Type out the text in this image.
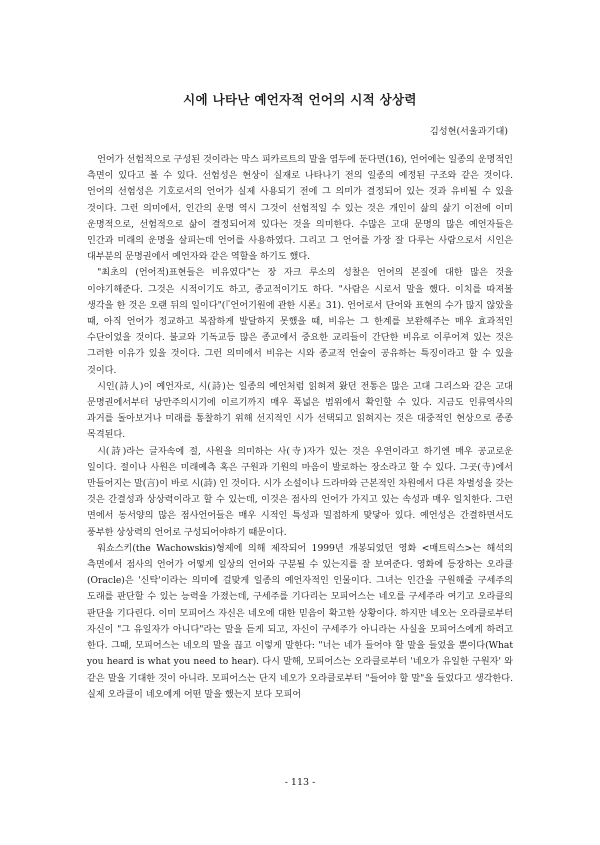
시에 나타난 예언자적 언어의 시적 상상력

김성현(서울과기대)

언어가 선험적으로 구성된 것이라는 막스 피카르트의 말을 염두에 둔다면(16), 언어에는 일종의 운명적인 측면이 있다고 볼 수 있다. 선험성은 현상이 실재로 나타나기 전의 일종의 예정된 구조와 같은 것이다. 언어의 선험성은 기호로서의 언어가 실제 사용되기 전에 그 의미가 결정되어 있는 것과 유비될 수 있을 것이다. 그런 의미에서, 인간의 운명 역시 그것이 선험적일 수 있는 것은 개인이 삶의 삶기 이전에 이미 운명적으로, 선험적으로 삶이 결정되어져 있다는 것을 의미한다. 수많은 고대 문명의 많은 예언자들은 인간과 미래의 운명을 살피는데 언어를 사용하였다. 그리고 그 언어를 가장 잘 다루는 사람으로서 시인은 대부분의 문명권에서 예언자와 같은 역할을 하기도 했다.

"최초의 (언어적)표현들은 비유였다"는 장 자크 루소의 성찰은 언어의 본질에 대한 많은 것을 이야기해준다. 그것은 시적이기도 하고, 종교적이기도 하다. "사람은 시로서 말을 했다. 이치를 따져볼 생각을 한 것은 오랜 뒤의 일이다"(『언어기원에 관한 시론』31). 언어로서 단어와 표현의 수가 많지 않았을 때, 아직 언어가 정교하고 복잡하게 발달하지 못했을 때, 비유는 그 한계를 보완해주는 매우 효과적인 수단이었을 것이다. 불교와 기독교등 많은 종교에서 중요한 교리들이 간단한 비유로 이루어져 있는 것은 그러한 이유가 있을 것이다. 그런 의미에서 비유는 시와 종교적 언술이 공유하는 특징이라고 할 수 있을 것이다.

시인(詩人)이 예언자로, 시(詩)는 일종의 예언처럼 읽혀져 왔던 전통은 많은 고대 그리스와 같은 고대 문명권에서부터 낭만주의시기에 이르기까지 매우 폭넓은 범위에서 확인할 수 있다. 지금도 인류역사의 과거를 돌아보거나 미래를 통찰하기 위해 선지적인 시가 선택되고 읽혀지는 것은 대중적인 현상으로 종종 목격된다.

시(詩)라는 글자속에 절, 사원을 의미하는 사(寺)자가 있는 것은 우연이라고 하기엔 매우 공교로운 일이다. 절이나 사원은 미래예측 혹은 구원과 기원의 마음이 발로하는 장소라고 할 수 있다. 그곳(寺)에서 만들어지는 말(言)이 바로 시(詩) 인 것이다. 시가 소설이나 드라마와 근본적인 차원에서 다른 차별성을 갖는 것은 간결성과 상상력이라고 할 수 있는데, 이것은 점사의 언어가 가지고 있는 속성과 매우 일치한다. 그런 면에서 동서양의 많은 점사언어들은 매우 시적인 특성과 밀접하게 맞닿아 있다. 예언성은 간결하면서도 풍부한 상상력의 언어로 구성되어야하기 때문이다.

워쇼스키(the Wachowskis)형제에 의해 제작되어 1999년 개봉되었던 영화 <매트릭스>는 해석의 측면에서 점사의 언어가 어떻게 일상의 언어와 구분될 수 있는지를 잘 보여준다. 영화에 등장하는 오라클(Oracle)은 '신탁'이라는 의미에 걸맞게 일종의 예언자적인 인물이다. 그녀는 인간을 구원해줄 구세주의 도래를 판단할 수 있는 능력을 가졌는데, 구세주를 기다리는 모피어스는 네오를 구세주라 여기고 오라클의 판단을 기다린다. 이미 모피어스 자신은 네오에 대한 믿음이 확고한 상황이다. 하지만 네오는 오라클로부터 자신이 "그 유일자가 아니다"라는 말을 듣게 되고, 자신이 구세주가 아니라는 사실을 모피어스에게 하려고 한다. 그때, 모피어스는 네오의 말을 끊고 이렇게 말한다: "너는 네가 들어야 할 말을 들었을 뿐이다(What you heard is what you need to hear). 다시 말해, 모피어스는 오라클로부터 '네오가 유일한 구원자' 와 같은 말을 기대한 것이 아니라. 모피어스는 단지 네오가 오라클로부터 "들어야 할 말"을 들었다고 생각한다. 실제 오라클이 네오에게 어떤 말을 했는지 보다 모피어

- 113 -
